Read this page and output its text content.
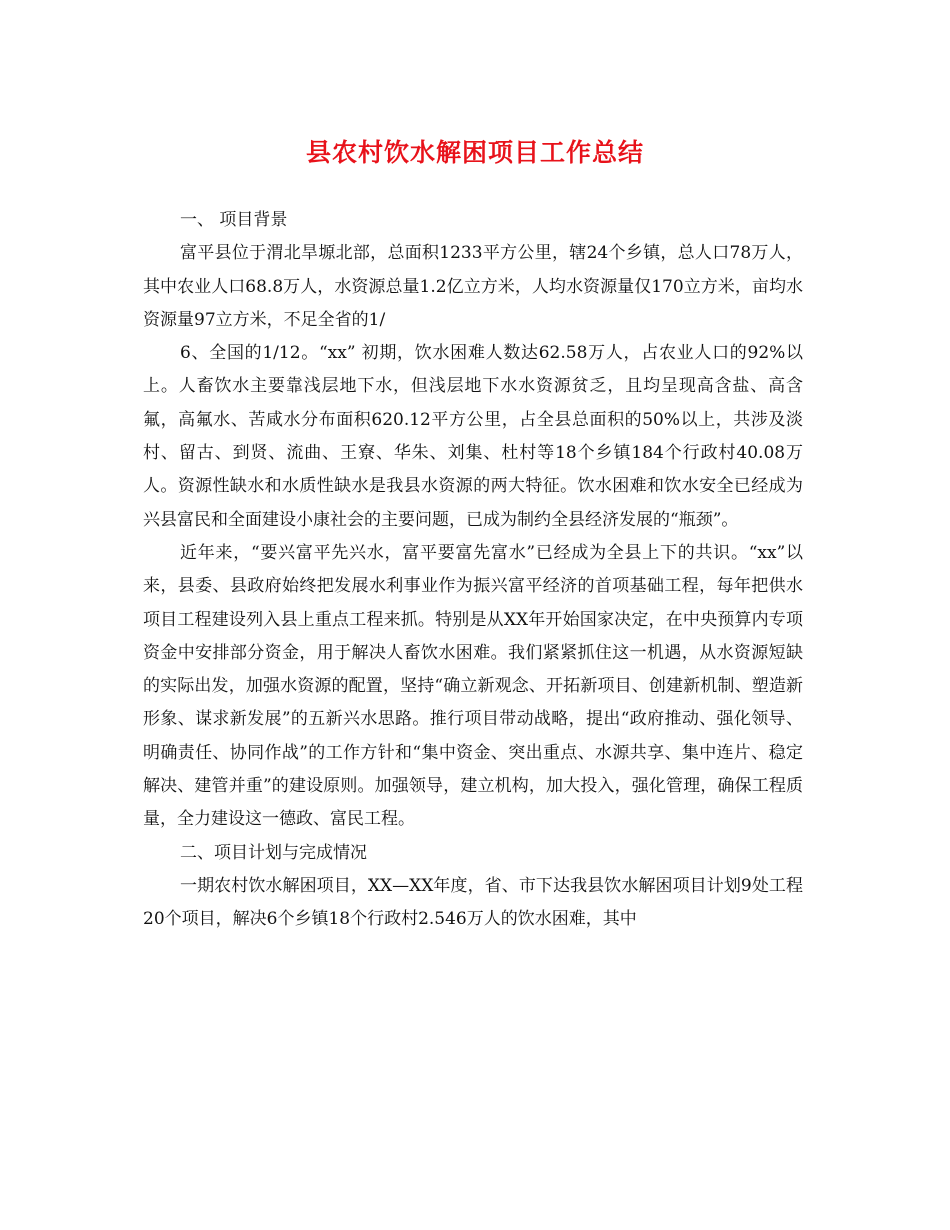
县农村饮水解困项目工作总结

一、 项目背景

富平县位于渭北旱塬北部，总面积1233平方公里，辖24个乡镇，总人口78万人，其中农业人口68.8万人，水资源总量1.2亿立方米，人均水资源量仅170立方米，亩均水资源量97立方米，不足全省的1/

6、全国的1/12。“xx” 初期，饮水困难人数达62.58万人，占农业人口的92%以上。人畜饮水主要靠浅层地下水，但浅层地下水水资源贫乏，且均呈现高含盐、高含氟，高氟水、苦咸水分布面积620.12平方公里，占全县总面积的50%以上，共涉及淡村、留古、到贤、流曲、王寮、华朱、刘集、杜村等18个乡镇184个行政村40.08万人。资源性缺水和水质性缺水是我县水资源的两大特征。饮水困难和饮水安全已经成为兴县富民和全面建设小康社会的主要问题，已成为制约全县经济发展的“瓶颈”。

近年来，“要兴富平先兴水，富平要富先富水”已经成为全县上下的共识。“xx”以来，县委、县政府始终把发展水利事业作为振兴富平经济的首项基础工程，每年把供水项目工程建设列入县上重点工程来抓。特别是从XX年开始国家决定，在中央预算内专项资金中安排部分资金，用于解决人畜饮水困难。我们紧紧抓住这一机遇，从水资源短缺的实际出发，加强水资源的配置，坚持“确立新观念、开拓新项目、创建新机制、塑造新形象、谋求新发展”的五新兴水思路。推行项目带动战略，提出“政府推动、强化领导、明确责任、协同作战”的工作方针和“集中资金、突出重点、水源共享、集中连片、稳定解决、建管并重”的建设原则。加强领导，建立机构，加大投入，强化管理，确保工程质量，全力建设这一德政、富民工程。

二、项目计划与完成情况

一期农村饮水解困项目，XX—XX年度，省、市下达我县饮水解困项目计划9处工程20个项目，解决6个乡镇18个行政村2.546万人的饮水困难，其中
